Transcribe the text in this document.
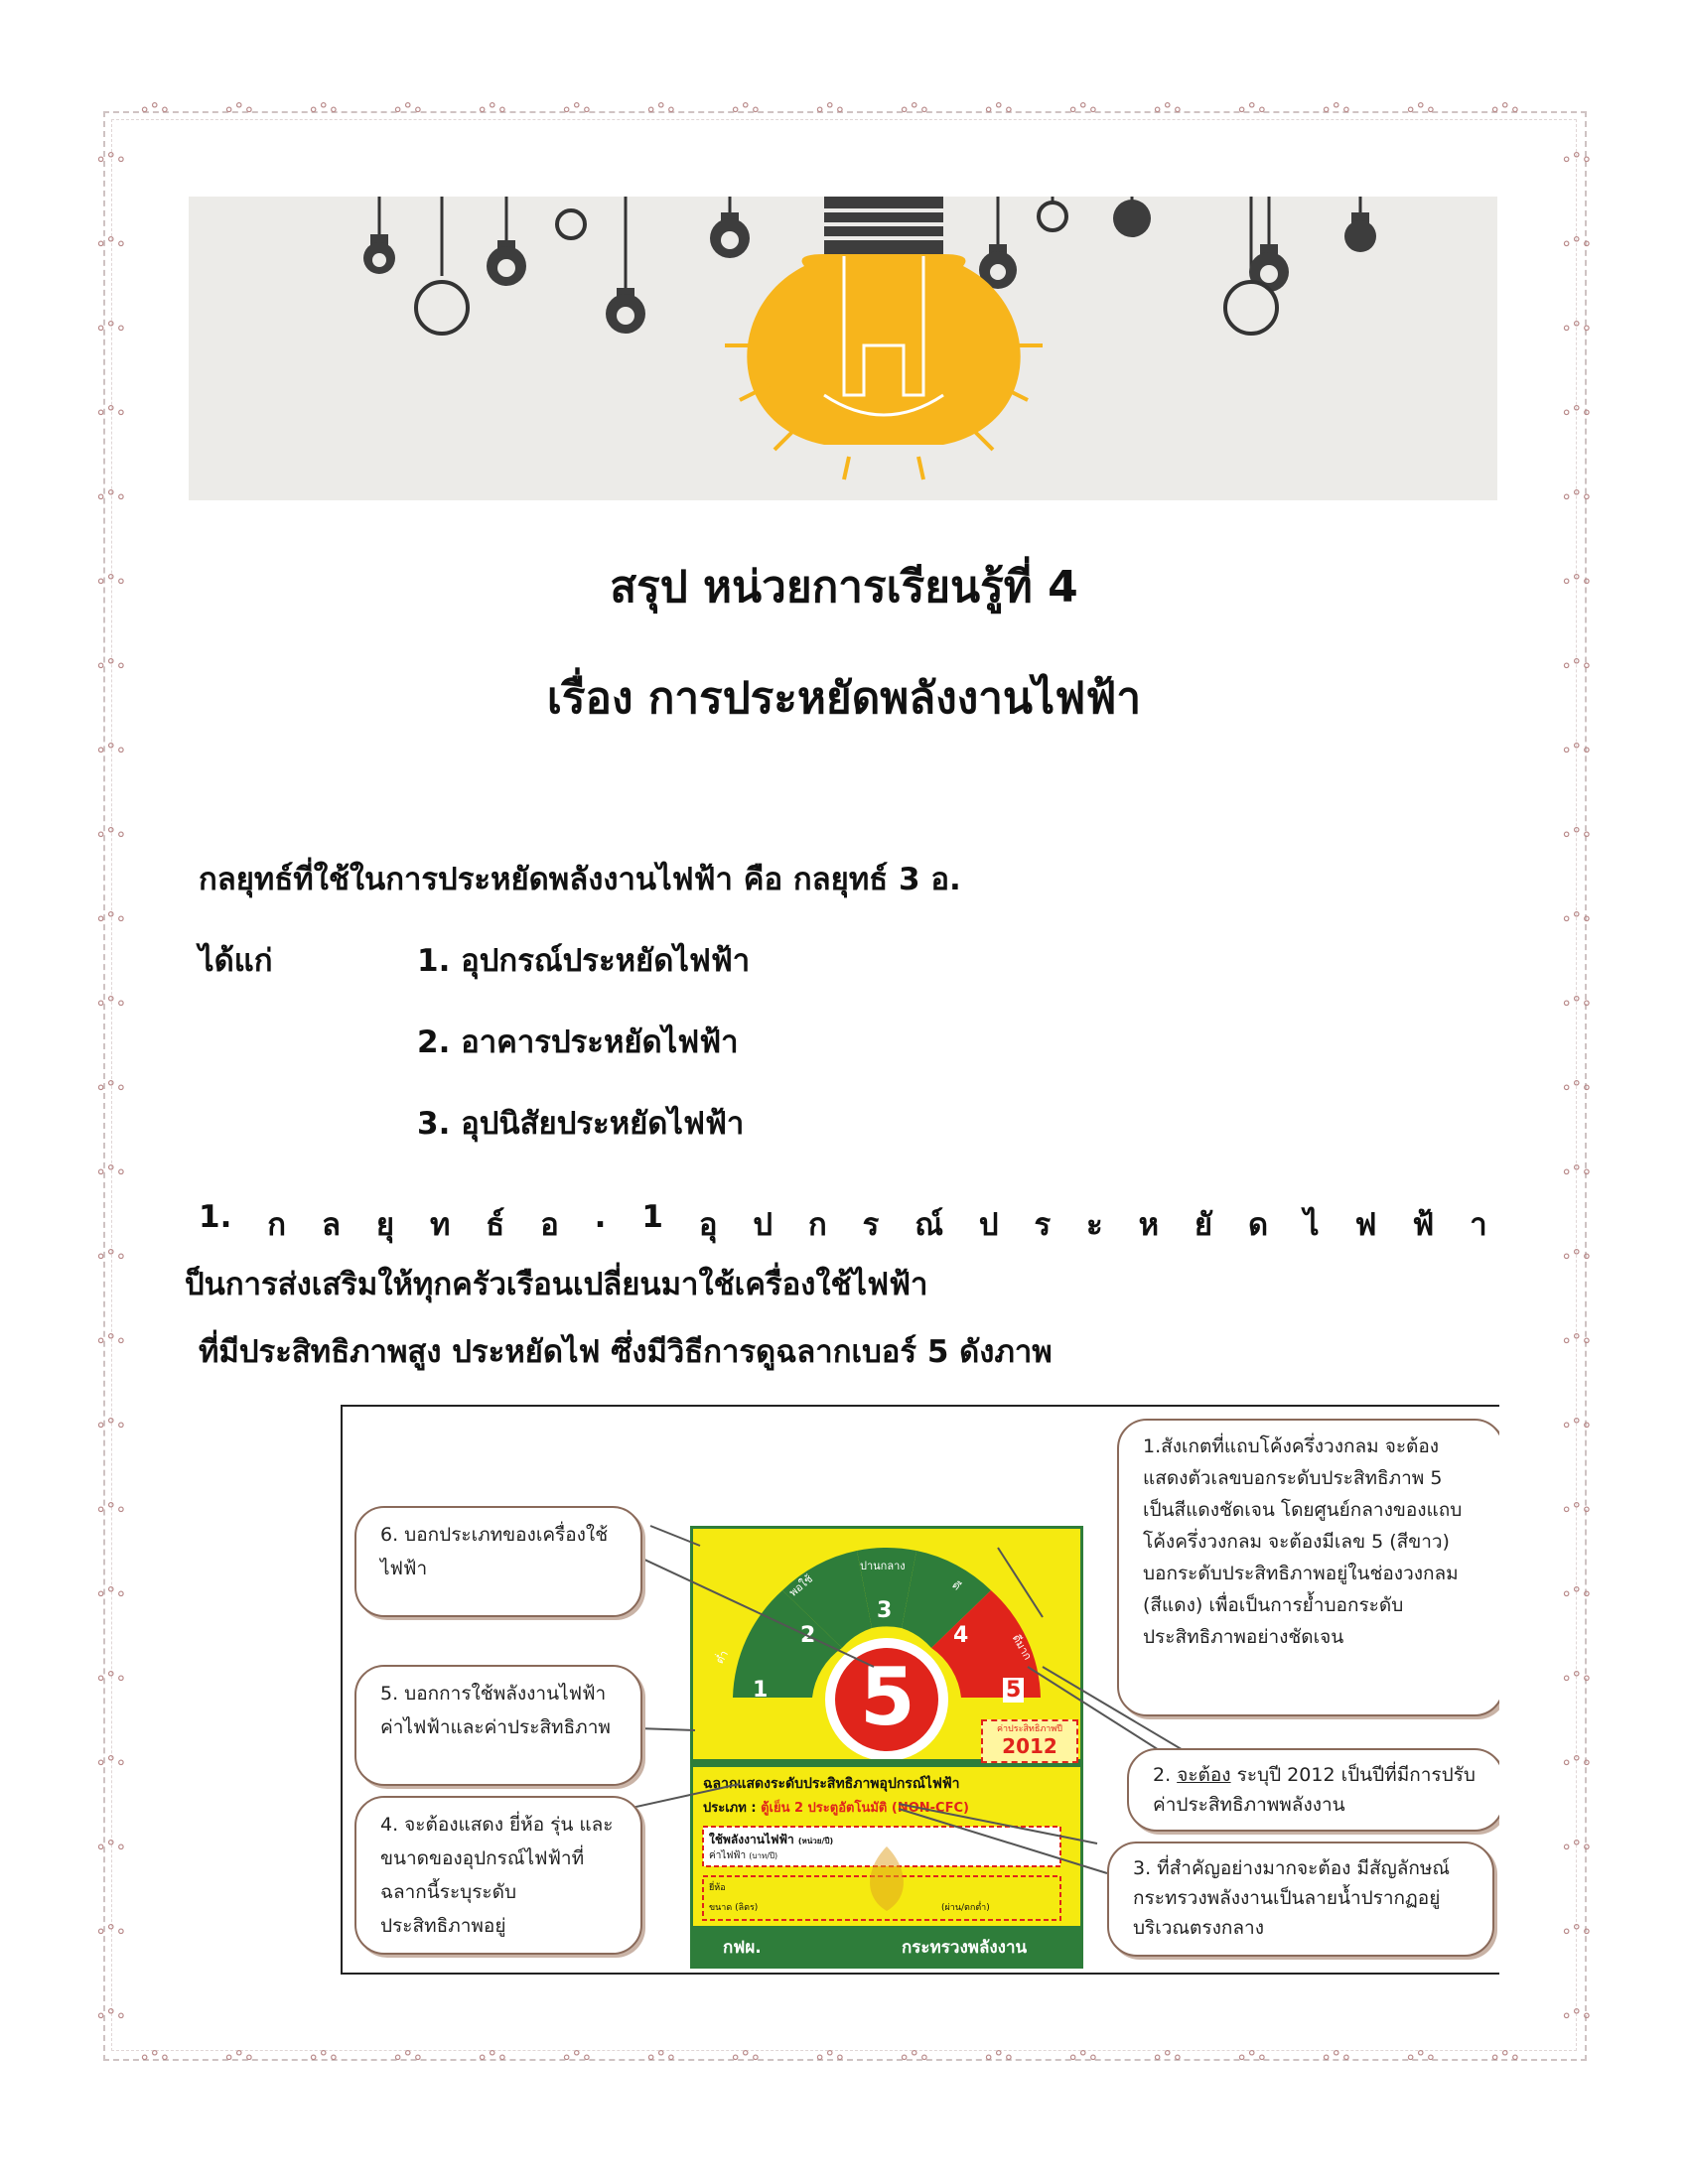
∘°∘
∘°∘
∘°∘
∘°∘
∘°∘
∘°∘
∘°∘
∘°∘
∘°∘
∘°∘
∘°∘
∘°∘
∘°∘
∘°∘
∘°∘
∘°∘
∘°∘
∘°∘
∘°∘
∘°∘
∘°∘
∘°∘
∘°∘
∘°∘
∘°∘
∘°∘
∘°∘
∘°∘
∘°∘
∘°∘
∘°∘
∘°∘
∘°∘
∘°∘
∘°∘	∘°∘
∘°∘	∘°∘
∘°∘	∘°∘
∘°∘	∘°∘
∘°∘	∘°∘
∘°∘	∘°∘
∘°∘	∘°∘
∘°∘	∘°∘
∘°∘	∘°∘
∘°∘	∘°∘
∘°∘	∘°∘
∘°∘	∘°∘
∘°∘	∘°∘
∘°∘	∘°∘
∘°∘	∘°∘
∘°∘	∘°∘
∘°∘	∘°∘
∘°∘	∘°∘
∘°∘	∘°∘
∘°∘	∘°∘
∘°∘	∘°∘
∘°∘	∘°∘
∘°∘	∘°∘
สรุป หน่วยการเรียนรู้ที่ 4
เรื่อง การประหยัดพลังงานไฟฟ้า
กลยุทธ์ที่ใช้ในการประหยัดพลังงานไฟฟ้า คือ กลยุทธ์ 3 อ.
ได้แก่	1. อุปกรณ์ประหยัดไฟฟ้า
2. อาคารประหยัดไฟฟ้า
3. อุปนิสัยประหยัดไฟฟ้า
1. ก ล ยุ ท ธ์ อ . 1 อุ ป ก ร ณ์ ป ร ะ ห ยั ด ไ ฟ ฟ้ า
ป็นการส่งเสริมให้ทุกครัวเรือนเปลี่ยนมาใช้เครื่องใช้ไฟฟ้า
ที่มีประสิทธิภาพสูง ประหยัดไฟ ซึ่งมีวิธีการดูฉลากเบอร์ 5 ดังภาพ
1
2
3
4
5
ต่ำ
พอใช้
ปานกลาง
ดี
ดีมาก
5	ค่าประสิทธิภาพปี
2012
ฉลากแสดงระดับประสิทธิภาพอุปกรณ์ไฟฟ้า
ประเภท : ตู้เย็น 2 ประตูอัตโนมัติ (NON-CFC)
ใช้พลังงานไฟฟ้า (หน่วย/ปี)
ค่าไฟฟ้า (บาท/ปี)
ยี่ห้อ
ขนาด (ลิตร)	(ผ่าน/ตกต่ำ)
กฟผ.	กระทรวงพลังงาน
1.สังเกตที่แถบโค้งครึ่งวงกลม จะต้อง แสดงตัวเลขบอกระดับประสิทธิภาพ 5 เป็นสีแดงชัดเจน โดยศูนย์กลางของแถบโค้งครึ่งวงกลม จะต้องมีเลข 5 (สีขาว) บอกระดับประสิทธิภาพอยู่ในช่องวงกลม (สีแดง) เพื่อเป็นการย้ำบอกระดับประสิทธิภาพอย่างชัดเจน
2. จะต้อง ระบุปี 2012 เป็นปีที่มีการปรับค่าประสิทธิภาพพลังงาน
3. ที่สำคัญอย่างมากจะต้อง มีสัญลักษณ์กระทรวงพลังงานเป็นลายน้ำปรากฏอยู่บริเวณตรงกลาง
6. บอกประเภทของเครื่องใช้ไฟฟ้า
5. บอกการใช้พลังงานไฟฟ้าค่าไฟฟ้าและค่าประสิทธิภาพ
4. จะต้องแสดง ยี่ห้อ รุ่น และขนาดของอุปกรณ์ไฟฟ้าที่ฉลากนี้ระบุระดับประสิทธิภาพอยู่
